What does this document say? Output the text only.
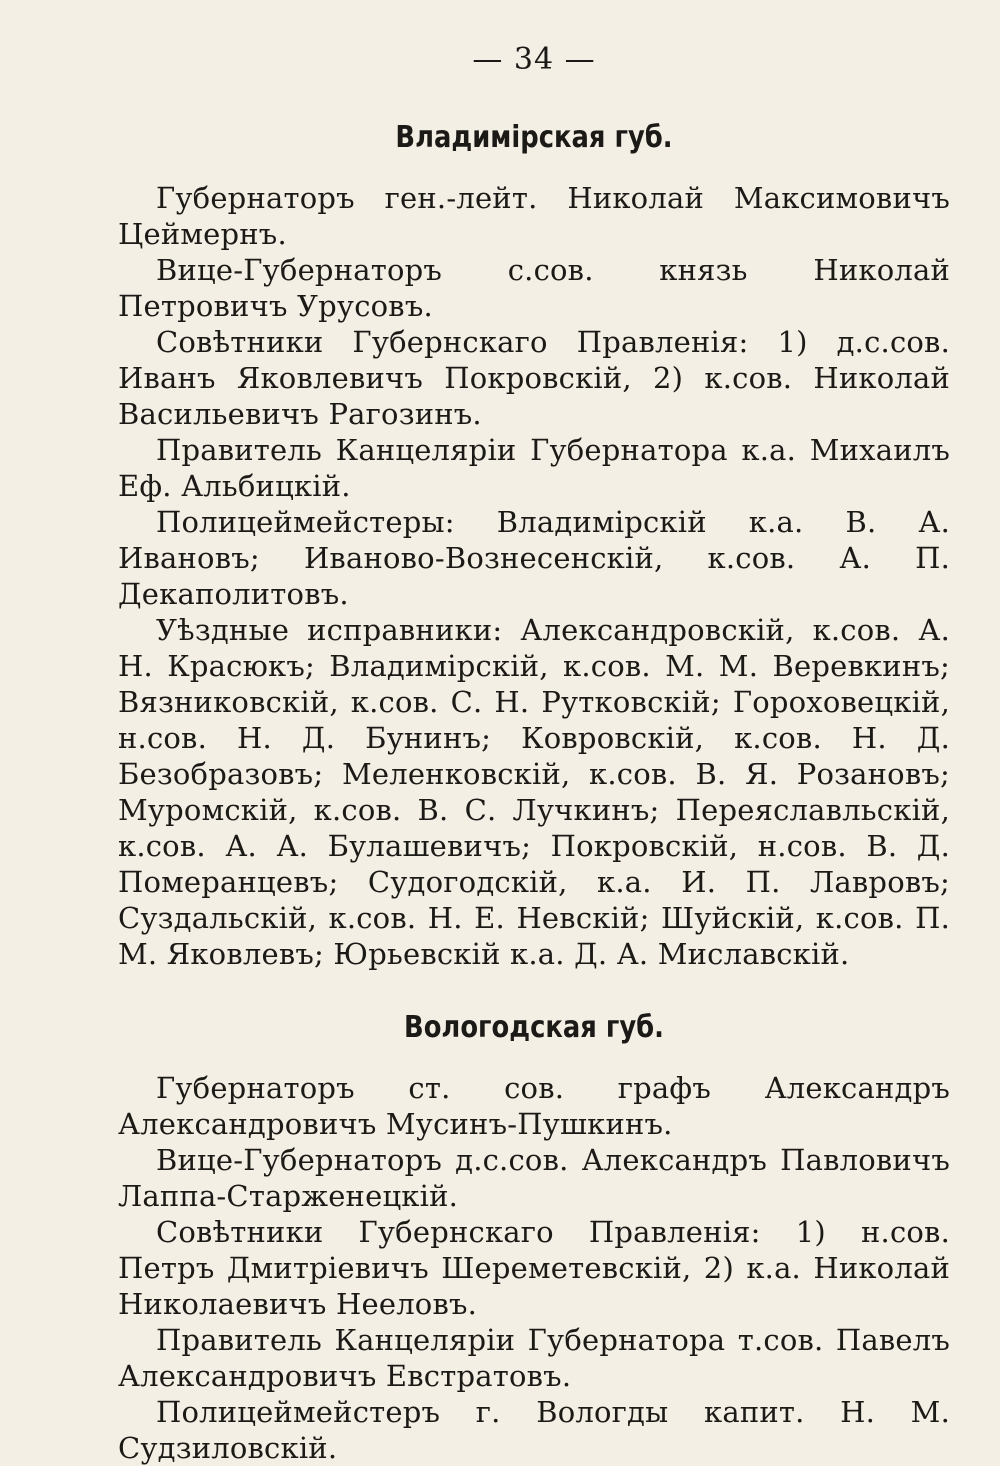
— 34 —
Владимірская губ.

Губернаторъ ген.-лейт. Николай Максимовичъ Цеймернъ.

Вице-Губернаторъ с.сов. князь Николай Петровичъ Урусовъ.

Совѣтники Губернскаго Правленія: 1) д.с.сов. Иванъ Яковлевичъ Покровскій, 2) к.сов. Николай Васильевичъ Рагозинъ.

Правитель Канцеляріи Губернатора к.а. Михаилъ Еф. Альбицкій.

Полицеймейстеры: Владимірскій к.а. В. А. Ивановъ; Иваново-Вознесенскій, к.сов. А. П. Декаполитовъ.

Уѣздные исправники: Александровскій, к.сов. А. Н. Красюкъ; Владимірскій, к.сов. М. М. Веревкинъ; Вязниковскій, к.сов. С. Н. Рутковскій; Гороховецкій, н.сов. Н. Д. Бунинъ; Ковровскій, к.сов. Н. Д. Безобразовъ; Меленковскій, к.сов. В. Я. Розановъ; Муромскій, к.сов. В. С. Лучкинъ; Переяславльскій, к.сов. А. А. Булашевичъ; Покровскій, н.сов. В. Д. Померанцевъ; Судогодскій, к.а. И. П. Лавровъ; Суздальскій, к.сов. Н. Е. Невскій; Шуйскій, к.сов. П. М. Яковлевъ; Юрьевскій к.а. Д. А. Миславскій.

Вологодская губ.

Губернаторъ ст. сов. графъ Александръ Александровичъ Мусинъ-Пушкинъ.

Вице-Губернаторъ д.с.сов. Александръ Павловичъ Лаппа-Старженецкій.

Совѣтники Губернскаго Правленія: 1) н.сов. Петръ Дмитріевичъ Шереметевскій, 2) к.а. Николай Николаевичъ Нееловъ.

Правитель Канцеляріи Губернатора т.сов. Павелъ Александровичъ Евстратовъ.

Полицеймейстеръ г. Вологды капит. Н. М. Судзиловскій.
